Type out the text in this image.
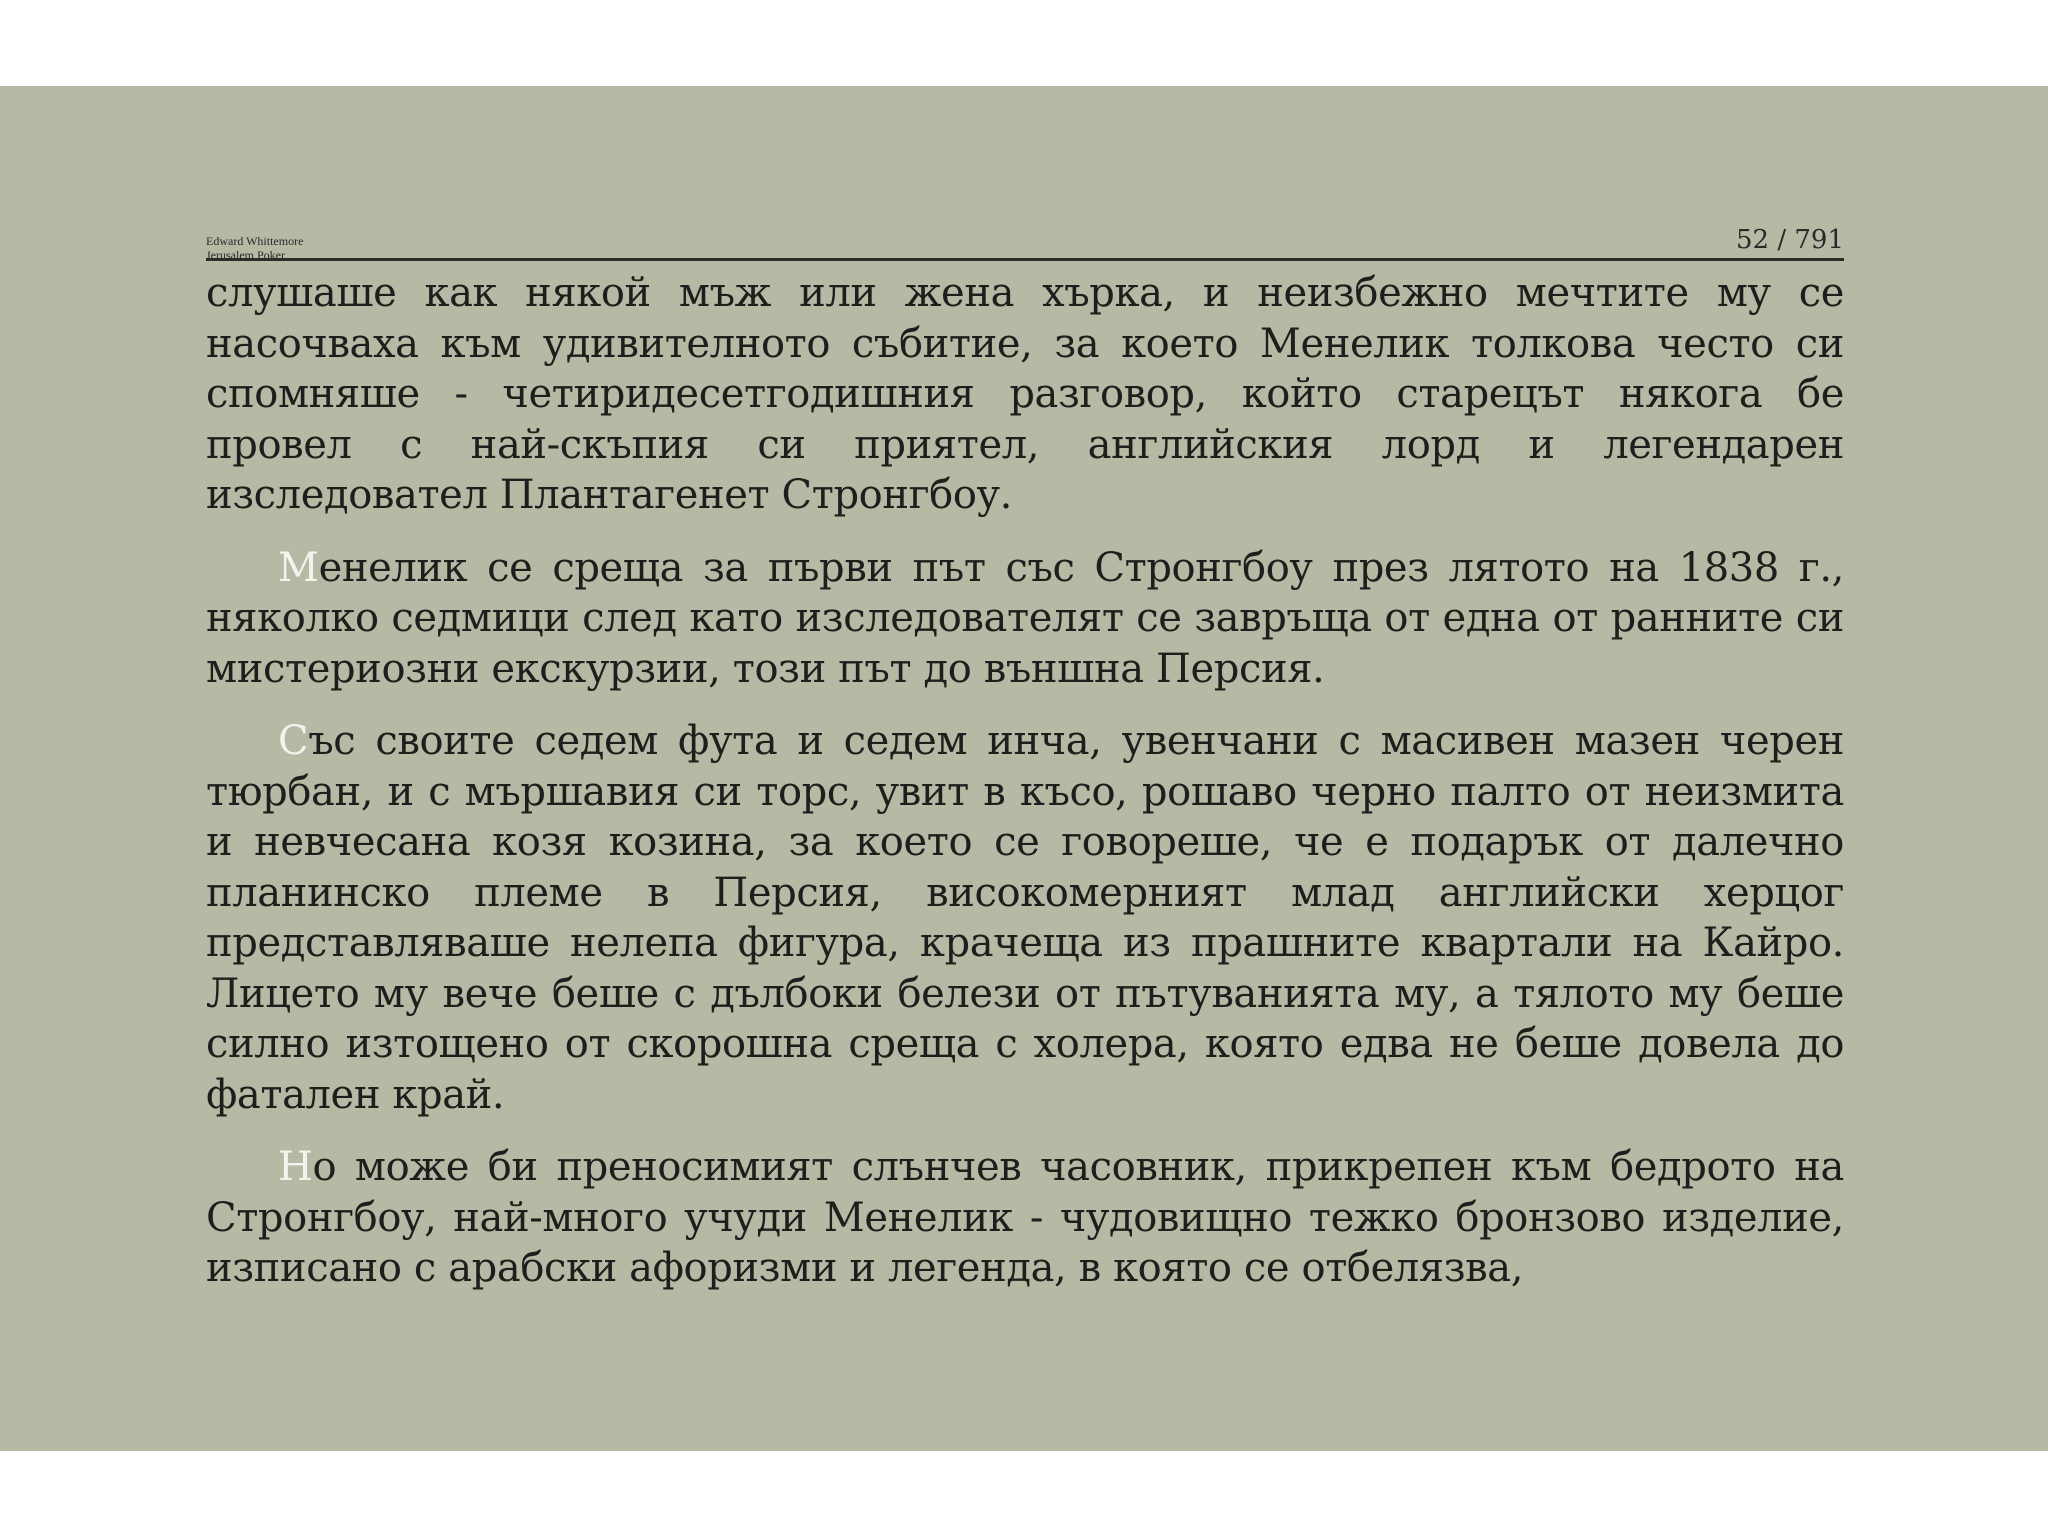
Edward Whittemore
Jerusalem Poker	52 / 791

слушаше как някой мъж или жена хърка, и неизбежно мечтите му се насочваха към удивителното събитие, за което Менелик толкова често си спомняше - четиридесетгодишния разговор, който старецът някога бе провел с най-скъпия си приятел, английския лорд и легендарен изследовател Плантагенет Стронгбоу.

Менелик се среща за първи път със Стронгбоу през лятото на 1838 г., няколко седмици след като изследователят се завръща от една от ранните си мистериозни екскурзии, този път до външна Персия.

Със своите седем фута и седем инча, увенчани с масивен мазен черен тюрбан, и с мършавия си торс, увит в късо, рошаво черно палто от неизмита и невчесана козя козина, за което се говореше, че е подарък от далечно планинско племе в Персия, високомерният млад английски херцог представляваше нелепа фигура, крачеща из прашните квартали на Кайро. Лицето му вече беше с дълбоки белези от пътуванията му, а тялото му беше силно изтощено от скорошна среща с холера, която едва не беше довела до фатален край.

Но може би преносимият слънчев часовник, прикрепен към бедрото на Стронгбоу, най-много учуди Менелик - чудовищно тежко бронзово изделие, изписано с арабски афоризми и легенда, в която се отбелязва,
